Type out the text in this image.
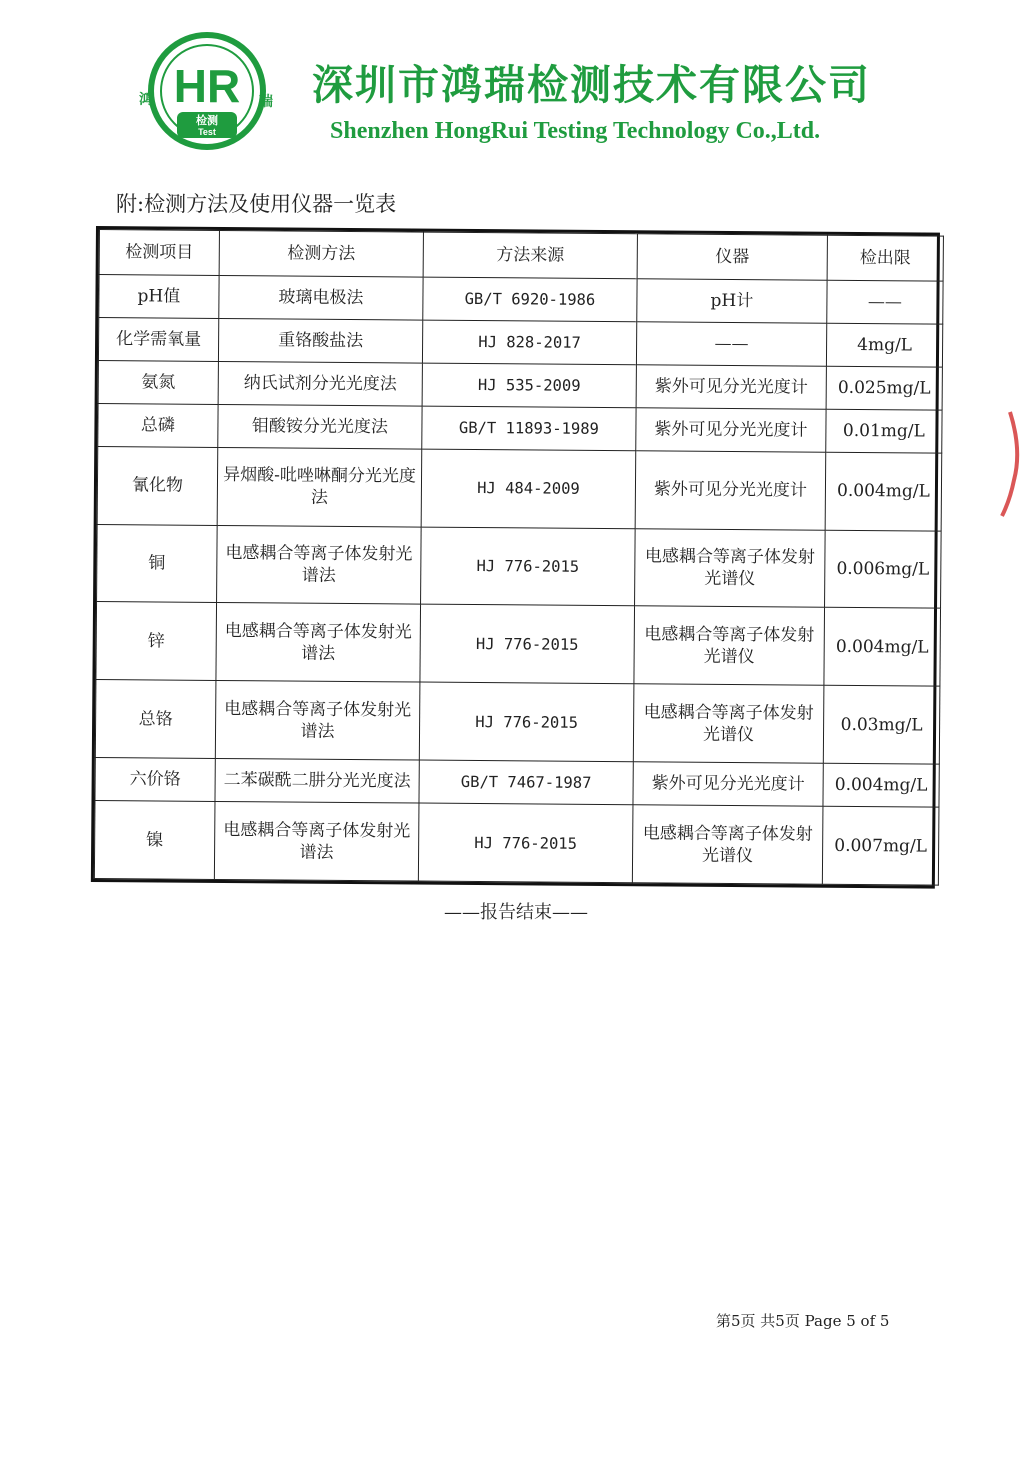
HR
检测
Test
鸿	瑞 深圳市鸿瑞检测技术有限公司
Shenzhen HongRui Testing Technology Co.,Ltd.
附:检测方法及使用仪器一览表
检测项目	检测方法	方法来源	仪器	检出限
pH值	玻璃电极法	GB/T 6920-1986	pH计	——
化学需氧量	重铬酸盐法	HJ 828-2017	——	4mg/L
氨氮	纳氏试剂分光光度法	HJ 535-2009	紫外可见分光光度计	0.025mg/L
总磷	钼酸铵分光光度法	GB/T 11893-1989	紫外可见分光光度计	0.01mg/L
氰化物	异烟酸-吡唑啉酮分光光度法	HJ 484-2009	紫外可见分光光度计	0.004mg/L
铜	电感耦合等离子体发射光谱法	HJ 776-2015	电感耦合等离子体发射光谱仪	0.006mg/L
锌	电感耦合等离子体发射光谱法	HJ 776-2015	电感耦合等离子体发射光谱仪	0.004mg/L
总铬	电感耦合等离子体发射光谱法	HJ 776-2015	电感耦合等离子体发射光谱仪	0.03mg/L
六价铬	二苯碳酰二肼分光光度法	GB/T 7467-1987	紫外可见分光光度计	0.004mg/L
镍	电感耦合等离子体发射光谱法	HJ 776-2015	电感耦合等离子体发射光谱仪	0.007mg/L
——报告结束——
第5页 共5页 Page 5 of 5
